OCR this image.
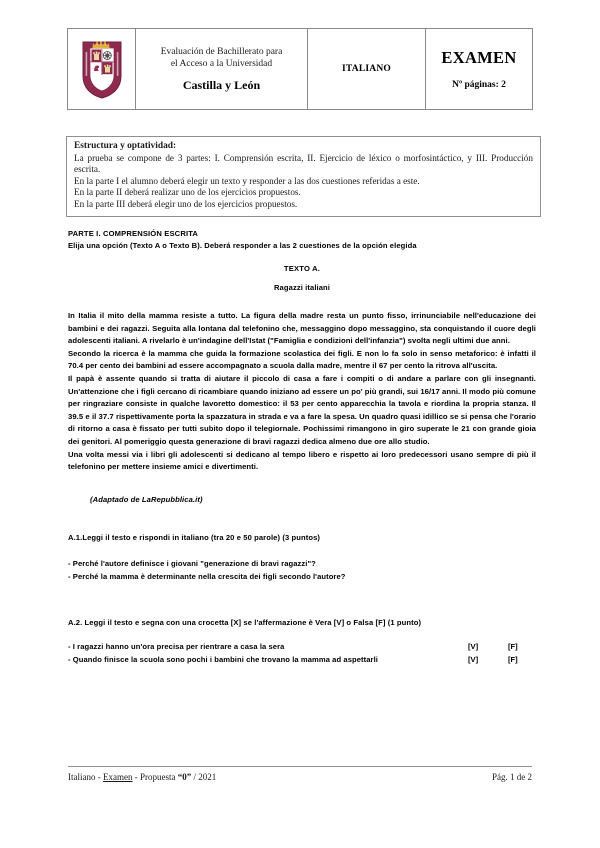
Evaluación de Bachillerato para
el Acceso a la Universidad
Castilla y León
ITALIANO
EXAMEN
Nº páginas: 2
Estructura y optatividad:
La prueba se compone de 3 partes: I. Comprensión escrita, II. Ejercicio de léxico o morfosintáctico, y III. Producción escrita.
En la parte I el alumno deberá elegir un texto y responder a las dos cuestiones referidas a este.
En la parte II deberá realizar uno de los ejercicios propuestos.
En la parte III deberá elegir uno de los ejercicios propuestos.
PARTE I. COMPRENSIÓN ESCRITA
Elija una opción (Texto A o Texto B). Deberá responder a las 2 cuestiones de la opción elegida
TEXTO A.
Ragazzi italiani

In Italia il mito della mamma resiste a tutto. La figura della madre resta un punto fisso, irrinunciabile nell'educazione dei bambini e dei ragazzi. Seguita alla lontana dal telefonino che, messaggino dopo messaggino, sta conquistando il cuore degli adolescenti italiani. A rivelarlo è un'indagine dell'Istat ("Famiglia e condizioni dell'infanzia") svolta negli ultimi due anni.

Secondo la ricerca è la mamma che guida la formazione scolastica dei figli. E non lo fa solo in senso metaforico: è infatti il 70.4 per cento dei bambini ad essere accompagnato a scuola dalla madre, mentre il 67 per cento la ritrova all'uscita.

Il papà è assente quando si tratta di aiutare il piccolo di casa a fare i compiti o di andare a parlare con gli insegnanti. Un'attenzione che i figli cercano di ricambiare quando iniziano ad essere un po' più grandi, sui 16/17 anni. Il modo più comune per ringraziare consiste in qualche lavoretto domestico: il 53 per cento apparecchia la tavola e riordina la propria stanza. Il 39.5 e il 37.7 rispettivamente porta la spazzatura in strada e va a fare la spesa. Un quadro quasi idillico se si pensa che l'orario di ritorno a casa è fissato per tutti subito dopo il telegiornale. Pochissimi rimangono in giro superate le 21 con grande gioia dei genitori. Al pomeriggio questa generazione di bravi ragazzi dedica almeno due ore allo studio.

Una volta messi via i libri gli adolescenti si dedicano al tempo libero e rispetto ai loro predecessori usano sempre di più il telefonino per mettere insieme amici e divertimenti.

(Adaptado de LaRepubblica.it)
A.1.Leggi il testo e rispondi in italiano (tra 20 e 50 parole) (3 puntos)
- Perché l'autore definisce i giovani "generazione di bravi ragazzi"?
- Perché la mamma è determinante nella crescita dei figli secondo l'autore?
A.2. Leggi il testo e segna con una crocetta [X] se l'affermazione è Vera [V] o Falsa [F] (1 punto)
- I ragazzi hanno un'ora precisa per rientrare a casa la sera	[V]	[F]
- Quando finisce la scuola sono pochi i bambini che trovano la mamma ad aspettarli	[V]	[F]
Italiano - Examen - Propuesta “0” / 2021	Pág. 1 de 2
